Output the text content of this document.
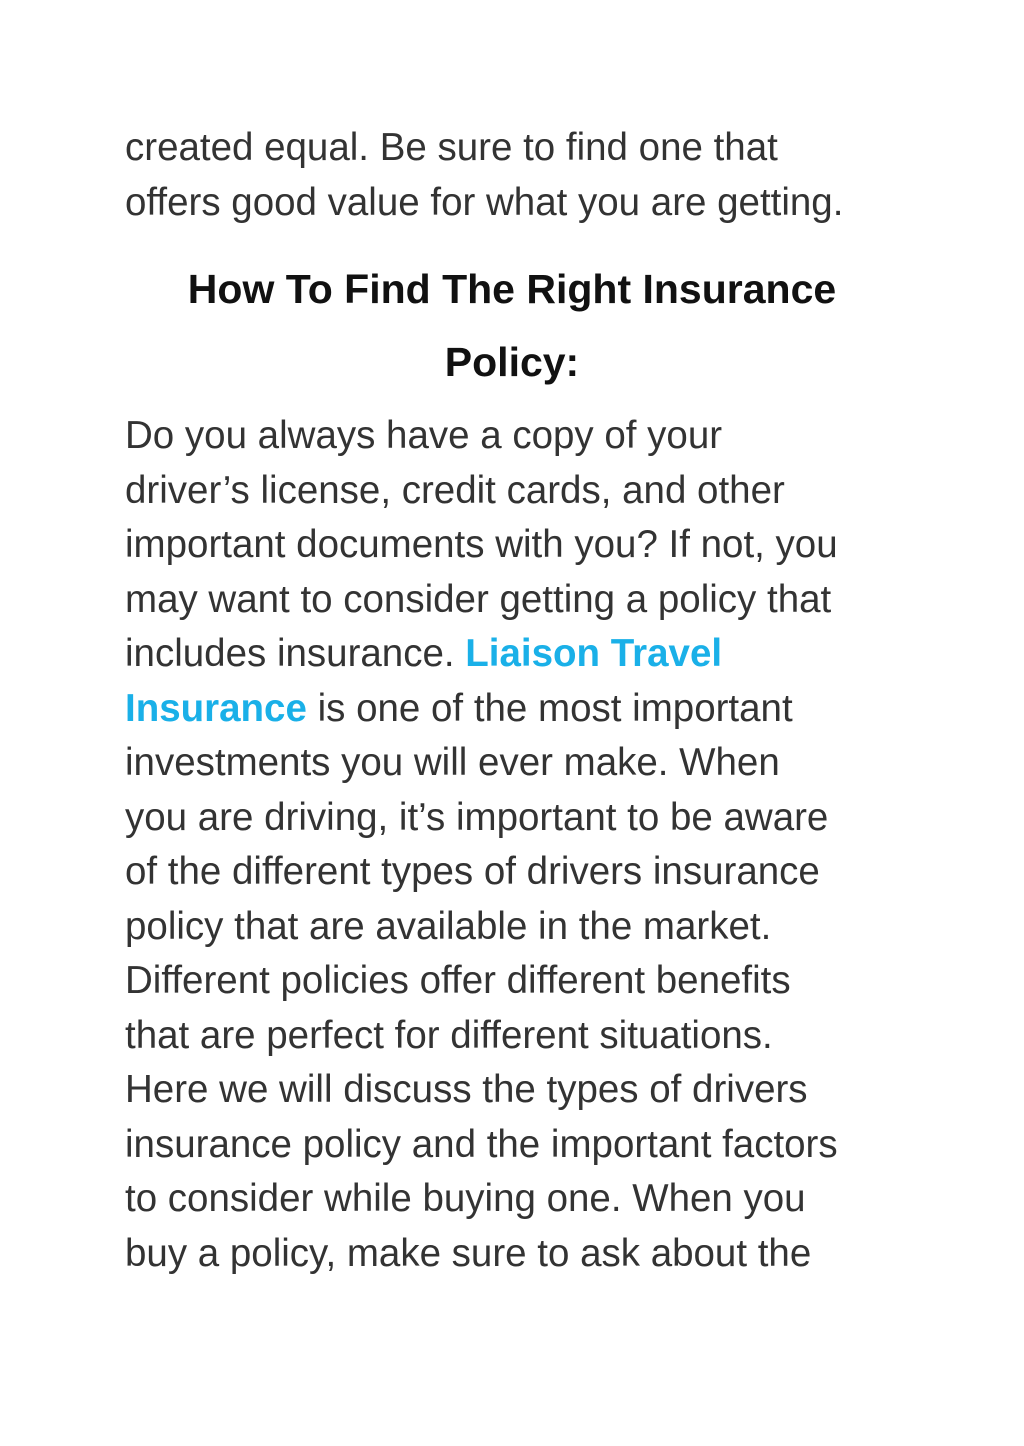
created equal. Be sure to find one that
offers good value for what you are getting.
How To Find The Right Insurance
Policy:
Do you always have a copy of your
driver’s license, credit cards, and other
important documents with you? If not, you
may want to consider getting a policy that
includes insurance. Liaison Travel
Insurance is one of the most important
investments you will ever make. When
you are driving, it’s important to be aware
of the different types of drivers insurance
policy that are available in the market.
Different policies offer different benefits
that are perfect for different situations.
Here we will discuss the types of drivers
insurance policy and the important factors
to consider while buying one. When you
buy a policy, make sure to ask about the
